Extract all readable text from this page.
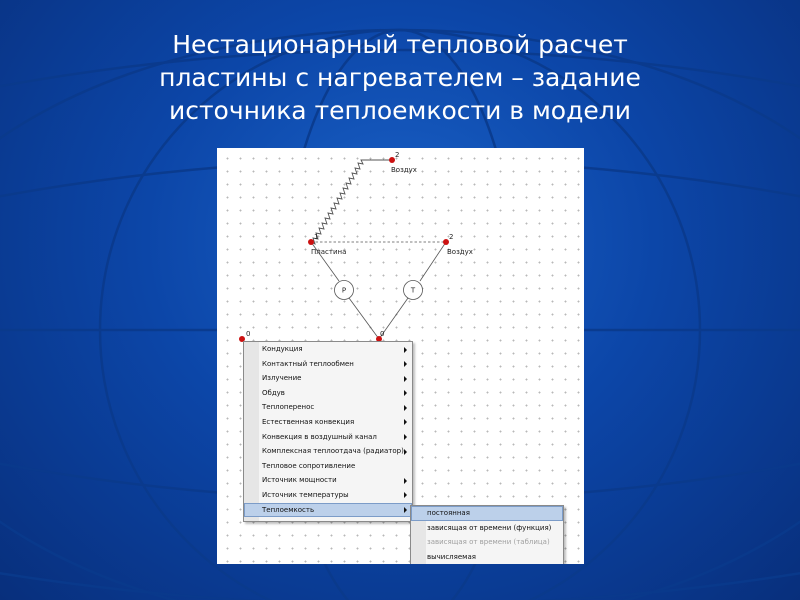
Нестационарный тепловой расчет
пластины с нагревателем – задание
источника теплоемкости в модели
P	T
2
Воздух
1
Пластина
2
Воздух
0
0
Кондукция
Контактный теплообмен
Излучение
Обдув
Теплоперенос
Естественная конвекция
Конвекция в воздушный канал
Комплексная теплоотдача (радиатор)
Тепловое сопротивление
Источник мощности
Источник температуры
Теплоемкость	постоянная
зависящая от времени (функция)
зависящая от времени (таблица)
вычисляемая
